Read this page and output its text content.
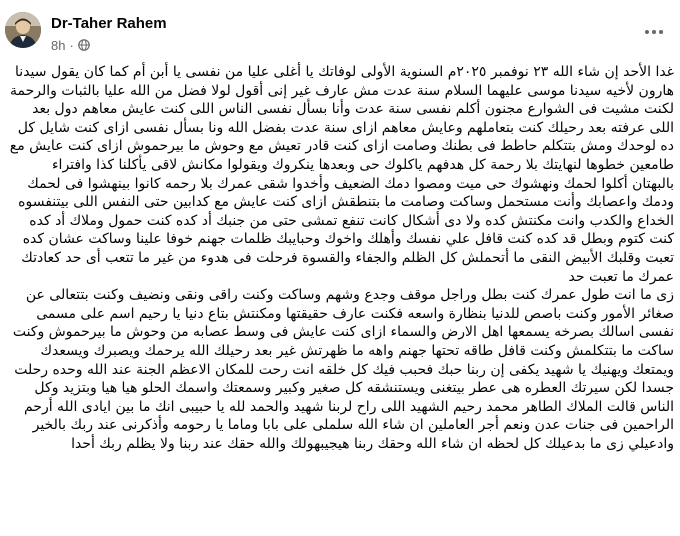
Dr-Taher Rahem
8h ·

غدا الأحد إن شاء الله ٢٣ نوفمبر ٢٠٢٥م السنوية الأولى لوفاتك يا أغلى عليا من نفسى يا أبن أم كما كان يقول سيدنا هارون لأخيه سيدنا موسى عليهما السلام سنة عدت مش عارف غير إنى أقول لولا فضل من الله عليا بالثبات والرحمة لكنت مشيت فى الشوارع مجنون أكلم نفسى سنة عدت وأنا بسأل نفسى الناس اللى كنت عايش معاهم دول بعد اللى عرفته بعد رحيلك كنت بتعاملهم وعايش معاهم ازاى سنة عدت بفضل الله ونا بسأل نفسى ازاى كنت شايل كل ده لوحدك ومش بتتكلم حاطط فى بطنك وصامت ازاى كنت قادر تعيش مع وحوش ما بيرحموش ازاى كنت عايش مع طامعين خطوها لنهايتك بلا رحمة كل هدفهم ياكلوك حى وبعدها ينكروك ويقولوا مكانش لاقى يأكلنا كذا وافتراء بالبهتان أكلوا لحمك ونهشوك حى ميت ومصوا دمك الضعيف وأخدوا شقى عمرك بلا رحمه كانوا بينهشوا فى لحمك ودمك واعصابك وأنت مستحمل وساكت وصامت ما بتنطقش ازاى كنت عايش مع كدابين حتى النفس اللى بيتنفسوه الخداع والكدب وانت مكنتش كده ولا دى أشكال كانت تنفع تمشى حتى من جنبك أد كده كنت حمول وملاك أد كده كنت كتوم وبطل قد كده كنت قافل علي نفسك وأهلك واخوك وحبايبك ظلمات جهنم خوفا علينا وساكت عشان كده تعبت وقلبك الأبيض النقى ما أتحملش كل الظلم والجفاء والقسوة فرحلت فى هدوء من غير ما تتعب أى حد كعادتك عمرك ما تعبت حد

زى ما انت طول عمرك كنت بطل وراجل موقف وجدع وشهم وساكت وكنت راقى ونقى ونضيف وكنت بتتعالى عن صغائر الأمور وكنت باصص للدنيا بنظارة واسعه فكنت عارف حقيقتها ومكنتش بتاع دنيا يا رحيم اسم على مسمى نفسى اسالك بصرخه يسمعها اهل الارض والسماء ازاى كنت عايش فى وسط عصابه من وحوش ما بيرحموش وكنت ساكت ما بتتكلمش وكنت قافل طاقه تحتها جهنم واهه ما ظهرتش غير بعد رحيلك الله يرحمك ويصبرك ويسعدك ويمتعك ويهنيك يا شهيد يكفى إن ربنا حبك فحبب فيك كل خلقه انت رحت للمكان الاعظم الجنة عند الله وحده رحلت جسدا لكن سيرتك العطره هى عطر بيتغنى ويستنشقه كل صغير وكبير وسمعتك واسمك الحلو هيا هيا وبتزيد وكل الناس قالت الملاك الطاهر محمد رحيم الشهيد اللى راح لربنا شهيد والحمد لله يا حبيبى انك ما بين ايادى الله أرحم الراحمين فى جنات عدن ونعم أجر العاملين ان شاء الله سلملى على بابا وماما يا رحومه وأذكرنى عند ربك بالخير وادعيلي زى ما بدعيلك كل لحظه ان شاء الله وحقك ربنا هيجيبهولك والله حقك عند ربنا ولا يظلم ربك أحدا
